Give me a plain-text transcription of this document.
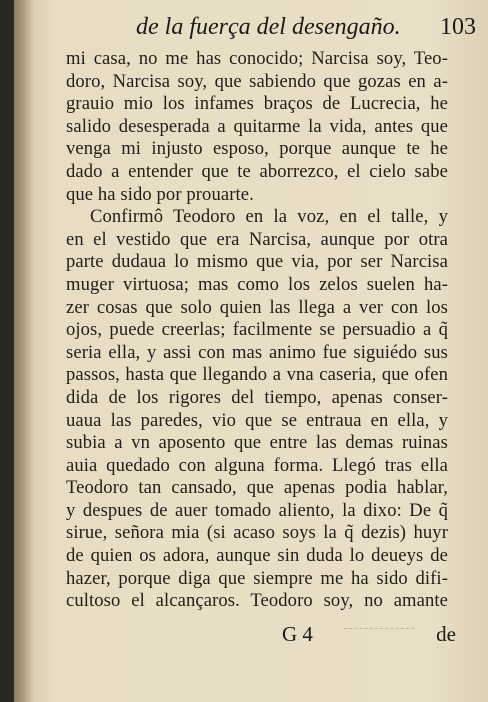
de la fuerça del desengaño. 103
mi casa, no me has conocido; Narcisa soy, Teo-
doro, Narcisa soy, que sabiendo que gozas en a-
grauio mio los infames braços de Lucrecia, he
salido desesperada a quitarme la vida, antes que
venga mi injusto esposo, porque aunque te he
dado a entender que te aborrezco, el cielo sabe
que ha sido por prouarte.
Confirmô Teodoro en la voz, en el talle, y
en el vestido que era Narcisa, aunque por otra
parte dudaua lo mismo que via, por ser Narcisa
muger virtuosa; mas como los zelos suelen ha-
zer cosas que solo quien las llega a ver con los
ojos, puede creerlas; facilmente se persuadio a q̃
seria ella, y assi con mas animo fue siguiédo sus
passos, hasta que llegando a vna caseria, que ofen
dida de los rigores del tiempo, apenas conser-
uaua las paredes, vio que se entraua en ella, y
subia a vn aposento que entre las demas ruinas
auia quedado con alguna forma. Llegó tras ella
Teodoro tan cansado, que apenas podia hablar,
y despues de auer tomado aliento, la dixo: De q̃
sirue, señora mia (si acaso soys la q̃ dezis) huyr
de quien os adora, aunque sin duda lo deueys de
hazer, porque diga que siempre me ha sido difi-
cultoso el alcançaros. Teodoro soy, no amante
G 4	de
